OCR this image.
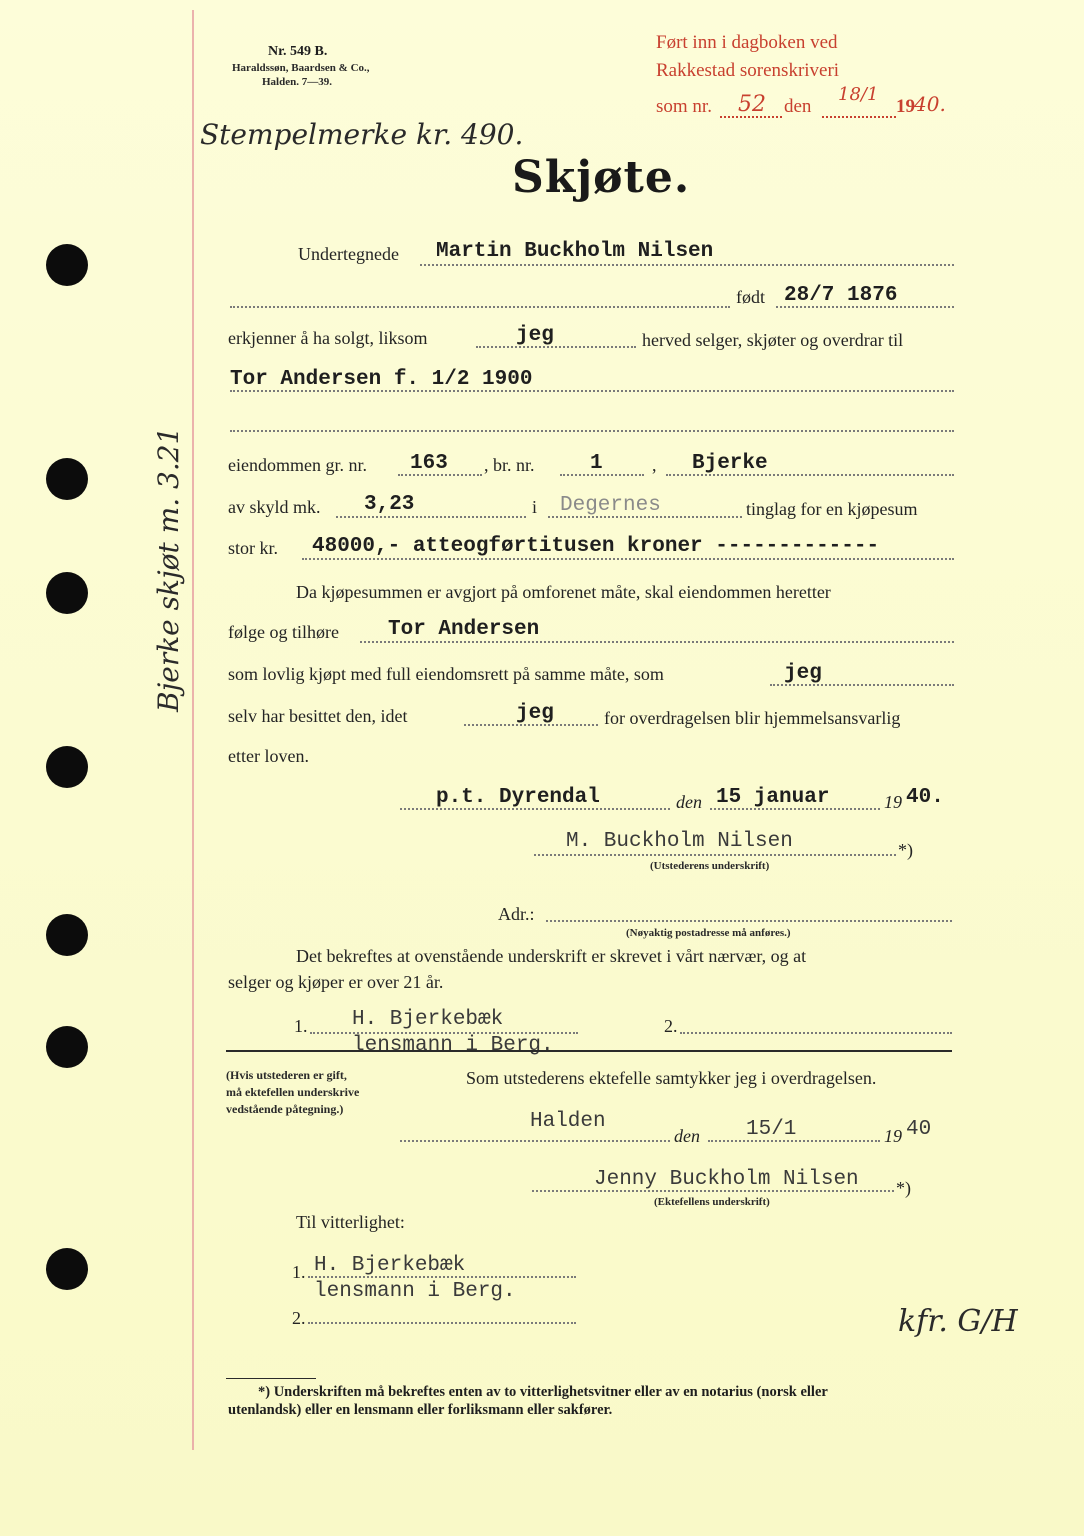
Nr. 549 B.
Haraldssøn, Baardsen & Co.,
Halden. 7—39.
Ført inn i dagboken ved
Rakkestad sorenskriveri
som nr. 52 den
18/1
19 40.
Stempelmerke kr. 490.
Bjerke skjøt m. 3.21
Skjøte.
Undertegnede Martin Buckholm Nilsen
født 28/7 1876
erkjenner å ha solgt, liksom	jeg	herved selger, skjøter og overdrar til
Tor Andersen f. 1/2 1900
eiendommen gr. nr. 163 , br. nr.	1	, Bjerke
av skyld mk. 3,23	i Degernes	tinglag for en kjøpesum
stor kr. 48000,- atteogførtitusen kroner -------------
Da kjøpesummen er avgjort på omforenet måte, skal eiendommen heretter
følge og tilhøre Tor Andersen
som lovlig kjøpt med full eiendomsrett på samme måte, som	jeg
selv har besittet den, idet	jeg	for overdragelsen blir hjemmelsansvarlig
etter loven.
p.t. Dyrendal	den 15 januar	19 40.
M. Buckholm Nilsen	*)
(Utstederens underskrift)
Adr.:
(Nøyaktig postadresse må anføres.)
Det bekreftes at ovenstående underskrift er skrevet i vårt nærvær, og at
selger og kjøper er over 21 år.
1. H. Bjerkebæk
lensmann i Berg.
2.
(Hvis utstederen er gift,
må ektefellen underskrive
vedstående påtegning.)
Som utstederens ektefelle samtykker jeg i overdragelsen.
Halden
den 15/1	19 40
Jenny Buckholm Nilsen *)
(Ektefellens underskrift)
Til vitterlighet:
1. H. Bjerkebæk
lensmann i Berg.
2.	kfr. G/H
*) Underskriften må bekreftes enten av to vitterlighetsvitner eller av en notarius (norsk eller
utenlandsk) eller en lensmann eller forliksmann eller sakfører.
